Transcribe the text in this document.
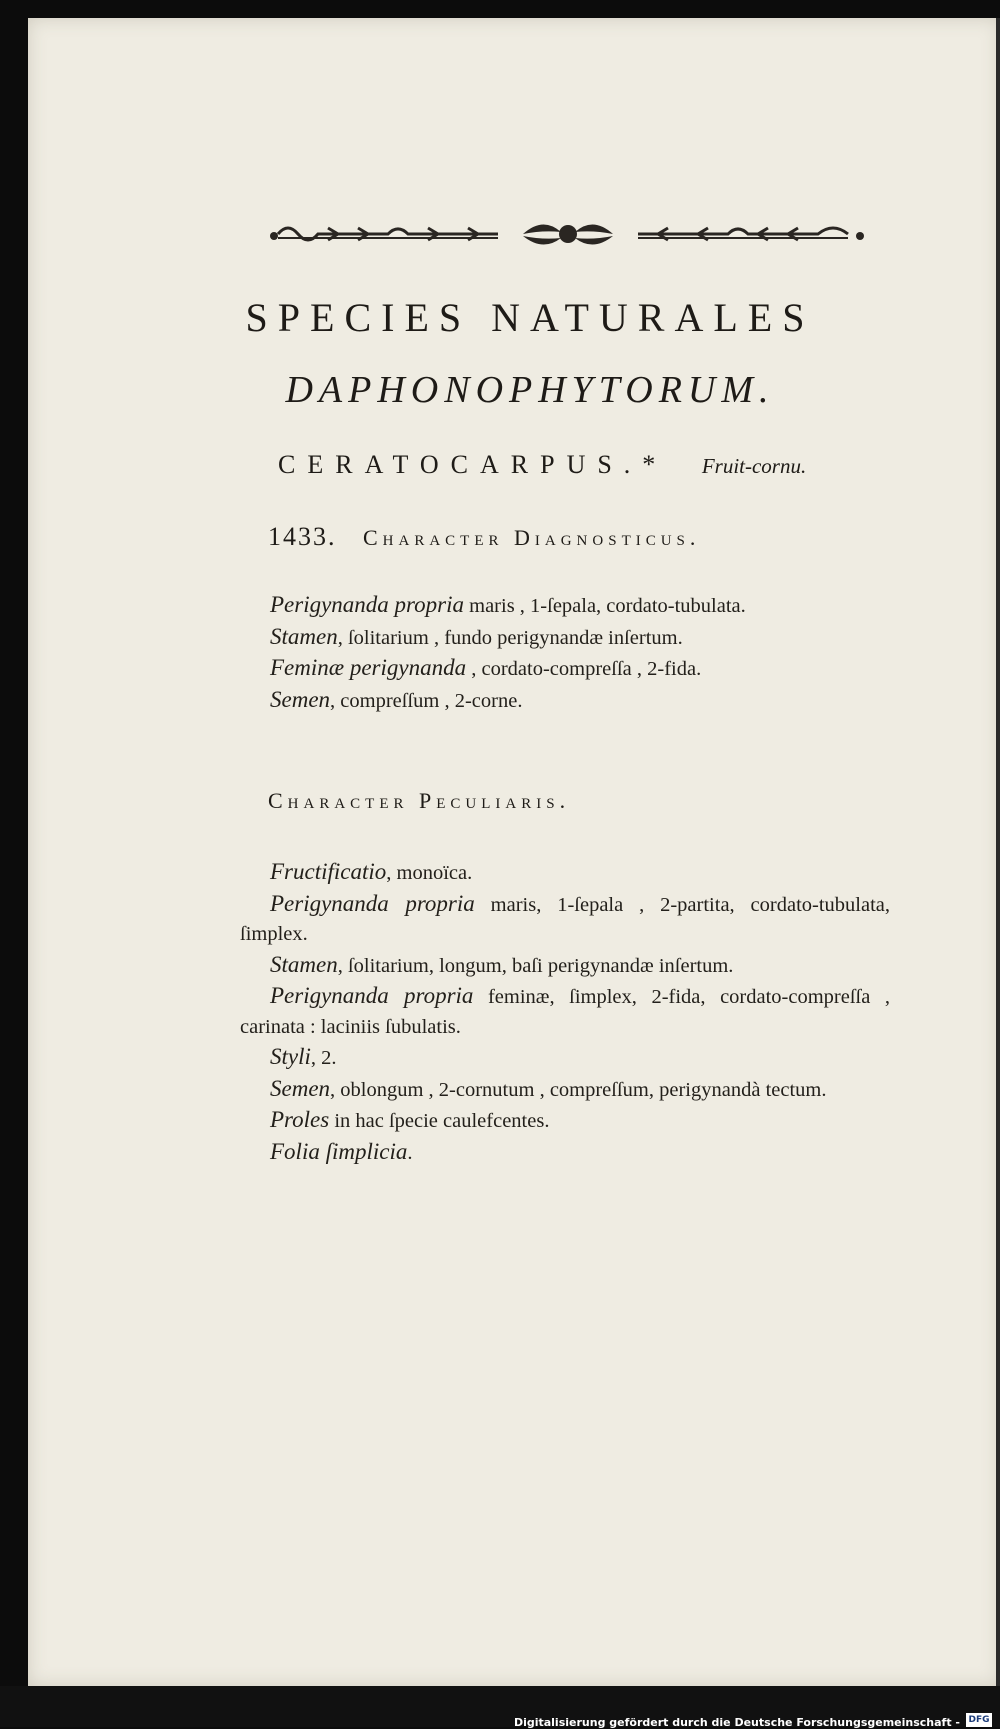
SPECIES NATURALES
DAPHONOPHYTORUM.
CERATOCARPUS.* Fruit-cornu.
1433. Character Diagnosticus.

Perigynanda propria maris , 1-ſepala, cordato-tubulata.

Stamen, ſolitarium , fundo perigynandæ inſertum.

Feminæ perigynanda , cordato-compreſſa , 2-fida.

Semen, compreſſum , 2-corne.

Character Peculiaris.

Fructificatio, monoïca.

Perigynanda propria maris, 1-ſepala , 2-partita, cordato-tubulata, ſimplex.

Stamen, ſolitarium, longum, baſi perigynandæ inſertum.

Perigynanda propria feminæ, ſimplex, 2-fida, cordato-compreſſa , carinata : laciniis ſubulatis.

Styli, 2.

Semen, oblongum , 2-cornutum , compreſſum, perigynandà tectum.

Proles in hac ſpecie caulefcentes.

Folia ſimplicia.

Digitalisierung gefördert durch die Deutsche Forschungsgemeinschaft - DFG
